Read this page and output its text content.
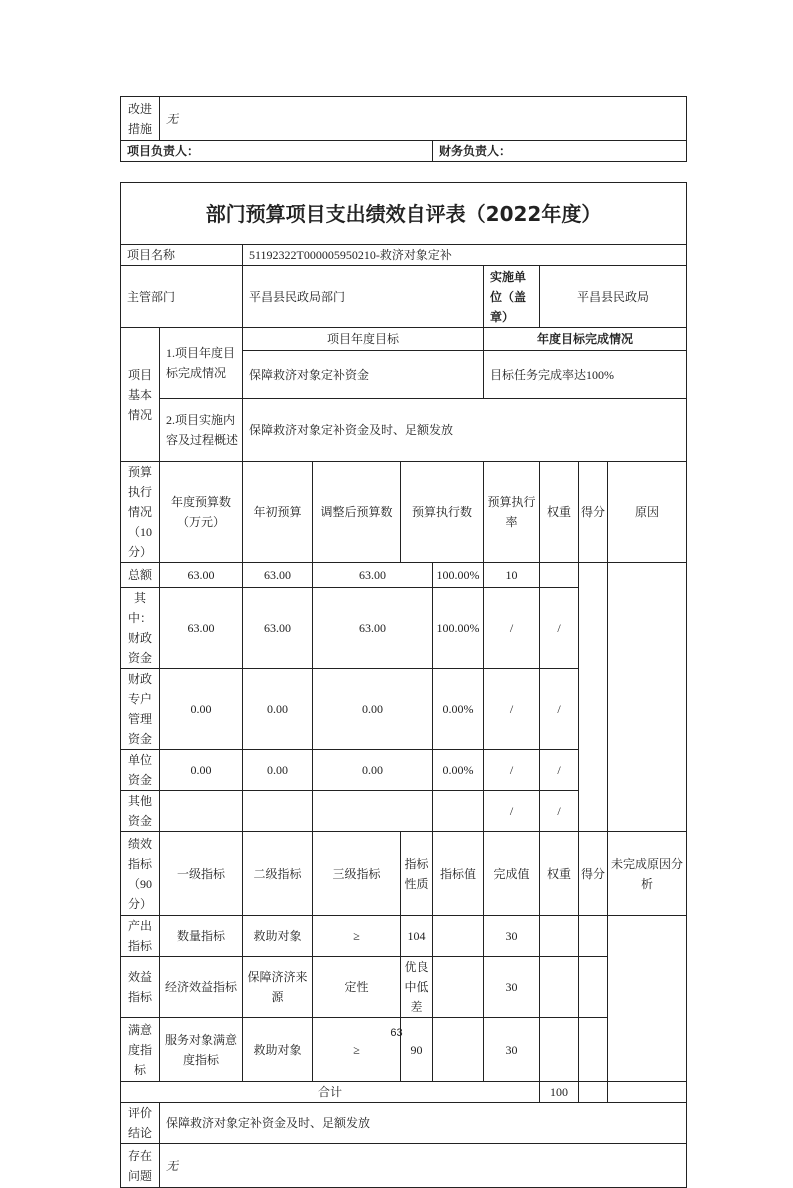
改进措施	无	
项目负责人：		财务负责人：
部门预算项目支出绩效自评表（2022年度）									
项目名称		51192322T000005950210-救济对象定补							
主管部门		平昌县民政局部门				实施单位（盖章）	平昌县民政局		
项目基本情况	1.项目年度目标完成情况	项目年度目标				年度目标完成情况			
		保障救济对象定补资金				目标任务完成率达100%			
	2.项目实施内容及过程概述	保障救济对象定补资金及时、足额发放							
预算执行情况（10分）	年度预算数（万元）	年初预算	调整后预算数	预算执行数		预算执行率	权重	得分	原因
总额	63.00	63.00	63.00		100.00%	10			
其中：财政资金	63.00	63.00	63.00		100.00%	/	/		
财政专户管理资金	0.00	0.00	0.00		0.00%	/	/		
单位资金	0.00	0.00	0.00		0.00%	/	/		
其他资金						/	/		
绩效指标（90分）	一级指标	二级指标	三级指标	指标性质	指标值	完成值	权重	得分	未完成原因分析
产出指标	数量指标	救助对象	≥	104		30			
效益指标	经济效益指标	保障济济来源	定性	优良中低差		30			
满意度指标	服务对象满意度指标	救助对象	≥	90		30			
合计							100		
评价结论	保障救济对象定补资金及时、足额发放								
存在问题	无								
63
